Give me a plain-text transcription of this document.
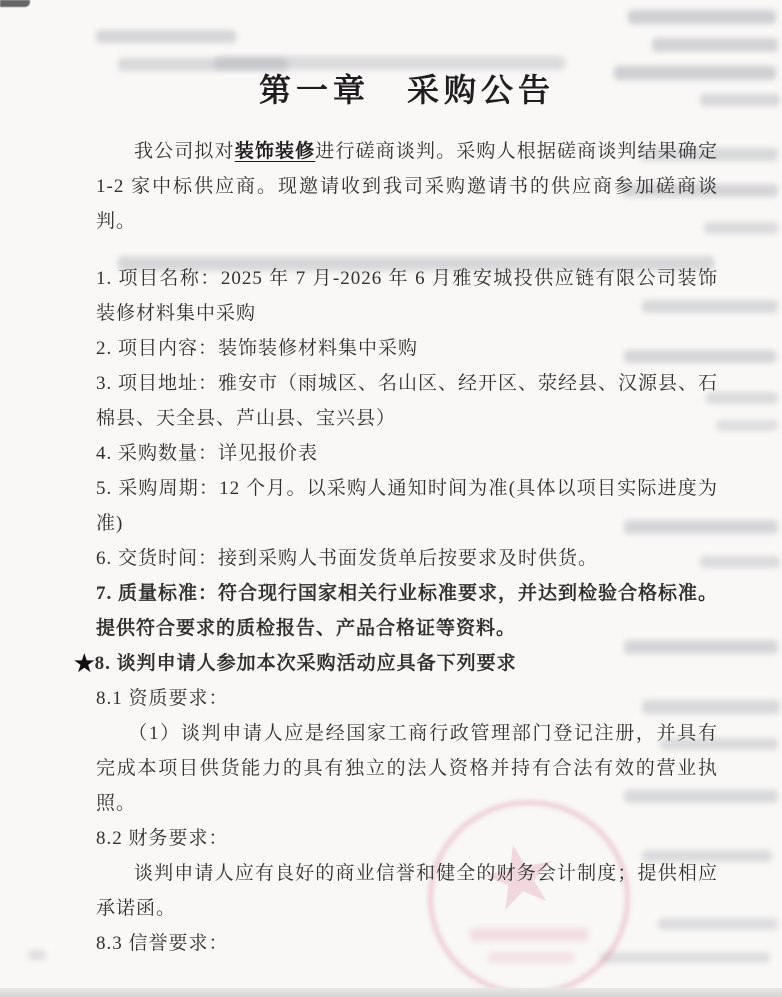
第一章　采购公告

我公司拟对装饰装修进行磋商谈判。采购人根据磋商谈判结果确定 1-2 家中标供应商。现邀请收到我司采购邀请书的供应商参加磋商谈判。

1. 项目名称：2025 年 7 月-2026 年 6 月雅安城投供应链有限公司装饰装修材料集中采购

2. 项目内容：装饰装修材料集中采购

3. 项目地址：雅安市（雨城区、名山区、经开区、荥经县、汉源县、石棉县、天全县、芦山县、宝兴县）

4. 采购数量：详见报价表

5. 采购周期：12 个月。以采购人通知时间为准(具体以项目实际进度为准)

6. 交货时间：接到采购人书面发货单后按要求及时供货。

7. 质量标准：符合现行国家相关行业标准要求，并达到检验合格标准。提供符合要求的质检报告、产品合格证等资料。

★8. 谈判申请人参加本次采购活动应具备下列要求

8.1 资质要求：

（1）谈判申请人应是经国家工商行政管理部门登记注册，并具有完成本项目供货能力的具有独立的法人资格并持有合法有效的营业执照。

8.2 财务要求：

谈判申请人应有良好的商业信誉和健全的财务会计制度；提供相应承诺函。

8.3 信誉要求：
